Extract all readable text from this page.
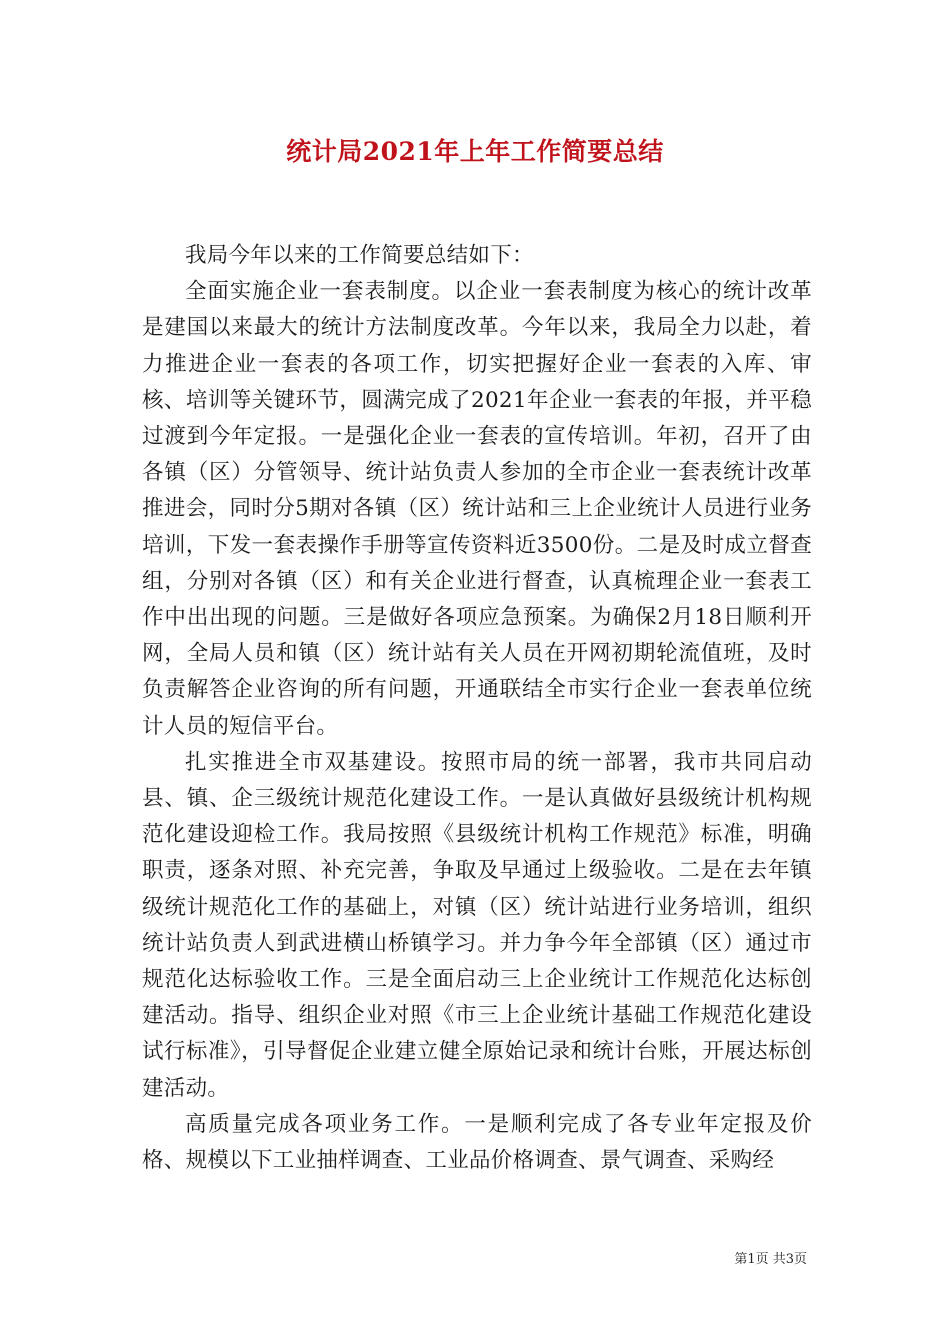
统计局2021年上年工作简要总结

我局今年以来的工作简要总结如下：

全面实施企业一套表制度。以企业一套表制度为核心的统计改革是建国以来最大的统计方法制度改革。今年以来，我局全力以赴，着力推进企业一套表的各项工作，切实把握好企业一套表的入库、审核、培训等关键环节，圆满完成了2021年企业一套表的年报，并平稳过渡到今年定报。一是强化企业一套表的宣传培训。年初，召开了由各镇（区）分管领导、统计站负责人参加的全市企业一套表统计改革推进会，同时分5期对各镇（区）统计站和三上企业统计人员进行业务培训，下发一套表操作手册等宣传资料近3500份。二是及时成立督查组，分别对各镇（区）和有关企业进行督查，认真梳理企业一套表工作中出出现的问题。三是做好各项应急预案。为确保2月18日顺利开网，全局人员和镇（区）统计站有关人员在开网初期轮流值班，及时负责解答企业咨询的所有问题，开通联结全市实行企业一套表单位统计人员的短信平台。

扎实推进全市双基建设。按照市局的统一部署，我市共同启动县、镇、企三级统计规范化建设工作。一是认真做好县级统计机构规范化建设迎检工作。我局按照《县级统计机构工作规范》标准，明确职责，逐条对照、补充完善，争取及早通过上级验收。二是在去年镇级统计规范化工作的基础上，对镇（区）统计站进行业务培训，组织统计站负责人到武进横山桥镇学习。并力争今年全部镇（区）通过市规范化达标验收工作。三是全面启动三上企业统计工作规范化达标创建活动。指导、组织企业对照《市三上企业统计基础工作规范化建设试行标准》，引导督促企业建立健全原始记录和统计台账，开展达标创建活动。

高质量完成各项业务工作。一是顺利完成了各专业年定报及价格、规模以下工业抽样调查、工业品价格调查、景气调查、采购经

第1页 共3页
